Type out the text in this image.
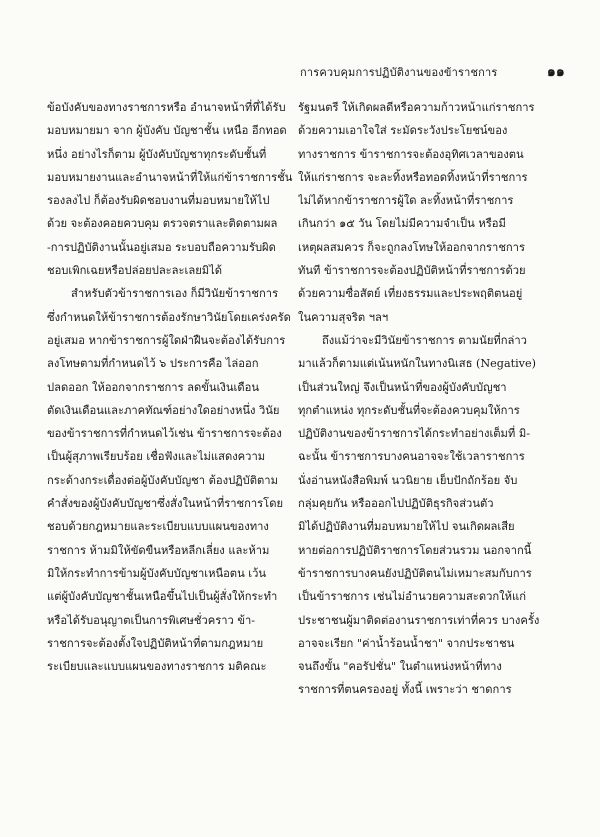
การควบคุมการปฏิบัติงานของข้าราชการ	๑๑
ข้อบังคับของทางราชการหรือ อำนาจหน้าที่ที่ได้รับ
มอบหมายมา จาก ผู้บังคับ บัญชาชั้น เหนือ อีกทอด
หนึ่ง อย่างไรก็ตาม ผู้บังคับบัญชาทุกระดับชั้นที่
มอบหมายงานและอำนาจหน้าที่ให้แก่ข้าราชการชั้น
รองลงไป ก็ต้องรับผิดชอบงานที่มอบหมายให้ไป
ด้วย จะต้องคอยควบคุม ตรวจตราและติดตามผล
-การปฏิบัติงานนั้นอยู่เสมอ ระบอบถือความรับผิด
ชอบเพิกเฉยหรือปล่อยปละละเลยมิได้
สำหรับตัวข้าราชการเอง ก็มีวินัยข้าราชการ
ซึ่งกำหนดให้ข้าราชการต้องรักษาวินัยโดยเคร่งครัด
อยู่เสมอ หากข้าราชการผู้ใดฝ่าฝืนจะต้องได้รับการ
ลงโทษตามที่กำหนดไว้ ๖ ประการคือ ไล่ออก
ปลดออก ให้ออกจากราชการ ลดขั้นเงินเดือน
ตัดเงินเดือนและภาคทัณฑ์อย่างใดอย่างหนึ่ง วินัย
ของข้าราชการที่กำหนดไว้เช่น ข้าราชการจะต้อง
เป็นผู้สุภาพเรียบร้อย เชื่อฟังและไม่แสดงความ
กระด้างกระเดื่องต่อผู้บังคับบัญชา ต้องปฏิบัติตาม
คำสั่งของผู้บังคับบัญชาซึ่งสั่งในหน้าที่ราชการโดย
ชอบด้วยกฎหมายและระเบียบแบบแผนของทาง
ราชการ ห้ามมิให้ขัดขืนหรือหลีกเลี่ยง และห้าม
มิให้กระทำการข้ามผู้บังคับบัญชาเหนือตน เว้น
แต่ผู้บังคับบัญชาชั้นเหนือขึ้นไปเป็นผู้สั่งให้กระทำ
หรือได้รับอนุญาตเป็นการพิเศษชั่วคราว ข้า-
ราชการจะต้องตั้งใจปฏิบัติหน้าที่ตามกฎหมาย
ระเบียบและแบบแผนของทางราชการ มติคณะ
รัฐมนตรี ให้เกิดผลดีหรือความก้าวหน้าแก่ราชการ
ด้วยความเอาใจใส่ ระมัดระวังประโยชน์ของ
ทางราชการ ข้าราชการจะต้องอุทิศเวลาของตน
ให้แก่ราชการ จะละทิ้งหรือทอดทิ้งหน้าที่ราชการ
ไม่ได้หากข้าราชการผู้ใด ละทิ้งหน้าที่ราชการ
เกินกว่า ๑๕ วัน โดยไม่มีความจำเป็น หรือมี
เหตุผลสมควร ก็จะถูกลงโทษให้ออกจากราชการ
ทันที ข้าราชการจะต้องปฏิบัติหน้าที่ราชการด้วย
ด้วยความซื่อสัตย์ เที่ยงธรรมและประพฤติตนอยู่
ในความสุจริต ฯลฯ
ถึงแม้ว่าจะมีวินัยข้าราชการ ตามนัยที่กล่าว
มาแล้วก็ตามแต่เน้นหนักในทางนิเสธ (Negative)
เป็นส่วนใหญ่ จึงเป็นหน้าที่ของผู้บังคับบัญชา
ทุกตำแหน่ง ทุกระดับชั้นที่จะต้องควบคุมให้การ
ปฏิบัติงานของข้าราชการได้กระทำอย่างเต็มที่ มิ-
ฉะนั้น ข้าราชการบางคนอาจจะใช้เวลาราชการ
นั่งอ่านหนังสือพิมพ์ นวนิยาย เย็บปักถักร้อย จับ
กลุ่มคุยกัน หรือออกไปปฏิบัติธุรกิจส่วนตัว
มิได้ปฏิบัติงานที่มอบหมายให้ไป จนเกิดผลเสีย
หายต่อการปฏิบัติราชการโดยส่วนรวม นอกจากนี้
ข้าราชการบางคนยังปฏิบัติตนไม่เหมาะสมกับการ
เป็นข้าราชการ เช่นไม่อำนวยความสะดวกให้แก่
ประชาชนผู้มาติดต่องานราชการเท่าที่ควร บางครั้ง
อาจจะเรียก "ค่าน้ำร้อนน้ำชา" จากประชาชน
จนถึงขั้น "คอรัปชั่น" ในตำแหน่งหน้าที่ทาง
ราชการที่ตนครองอยู่ ทั้งนี้ เพราะว่า ชาดการ
